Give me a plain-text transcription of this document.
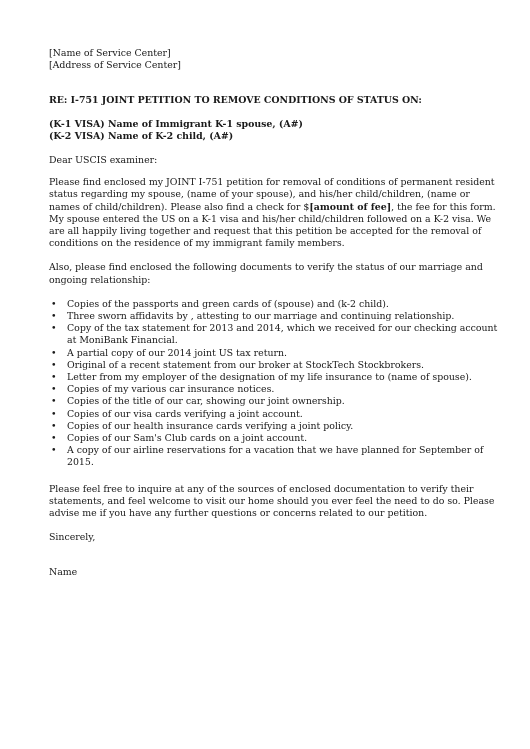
[Name of Service Center]
[Address of Service Center]
RE: I-751 JOINT PETITION TO REMOVE CONDITIONS OF STATUS ON:
(K-1 VISA) Name of Immigrant K-1 spouse, (A#)
(K-2 VISA) Name of K-2 child, (A#)
Dear USCIS examiner:

Please find enclosed my JOINT I-751 petition for removal of conditions of permanent resident status regarding my spouse, (name of your spouse), and his/her child/children, (name or names of child/children). Please also find a check for $[amount of fee], the fee for this form. My spouse entered the US on a K-1 visa and his/her child/children followed on a K-2 visa. We are all happily living together and request that this petition be accepted for the removal of conditions on the residence of my immigrant family members.

Also, please find enclosed the following documents to verify the status of our marriage and ongoing relationship:

• Copies of the passports and green cards of (spouse) and (k-2 child).
• Three sworn affidavits by , attesting to our marriage and continuing relationship.
• Copy of the tax statement for 2013 and 2014, which we received for our checking account at MoniBank Financial.
• A partial copy of our 2014 joint US tax return.
• Original of a recent statement from our broker at StockTech Stockbrokers.
• Letter from my employer of the designation of my life insurance to (name of spouse).
• Copies of my various car insurance notices.
• Copies of the title of our car, showing our joint ownership.
• Copies of our visa cards verifying a joint account.
• Copies of our health insurance cards verifying a joint policy.
• Copies of our Sam's Club cards on a joint account.
• A copy of our airline reservations for a vacation that we have planned for September of 2015.

Please feel free to inquire at any of the sources of enclosed documentation to verify their statements, and feel welcome to visit our home should you ever feel the need to do so. Please advise me if you have any further questions or concerns related to our petition.

Sincerely,
Name
